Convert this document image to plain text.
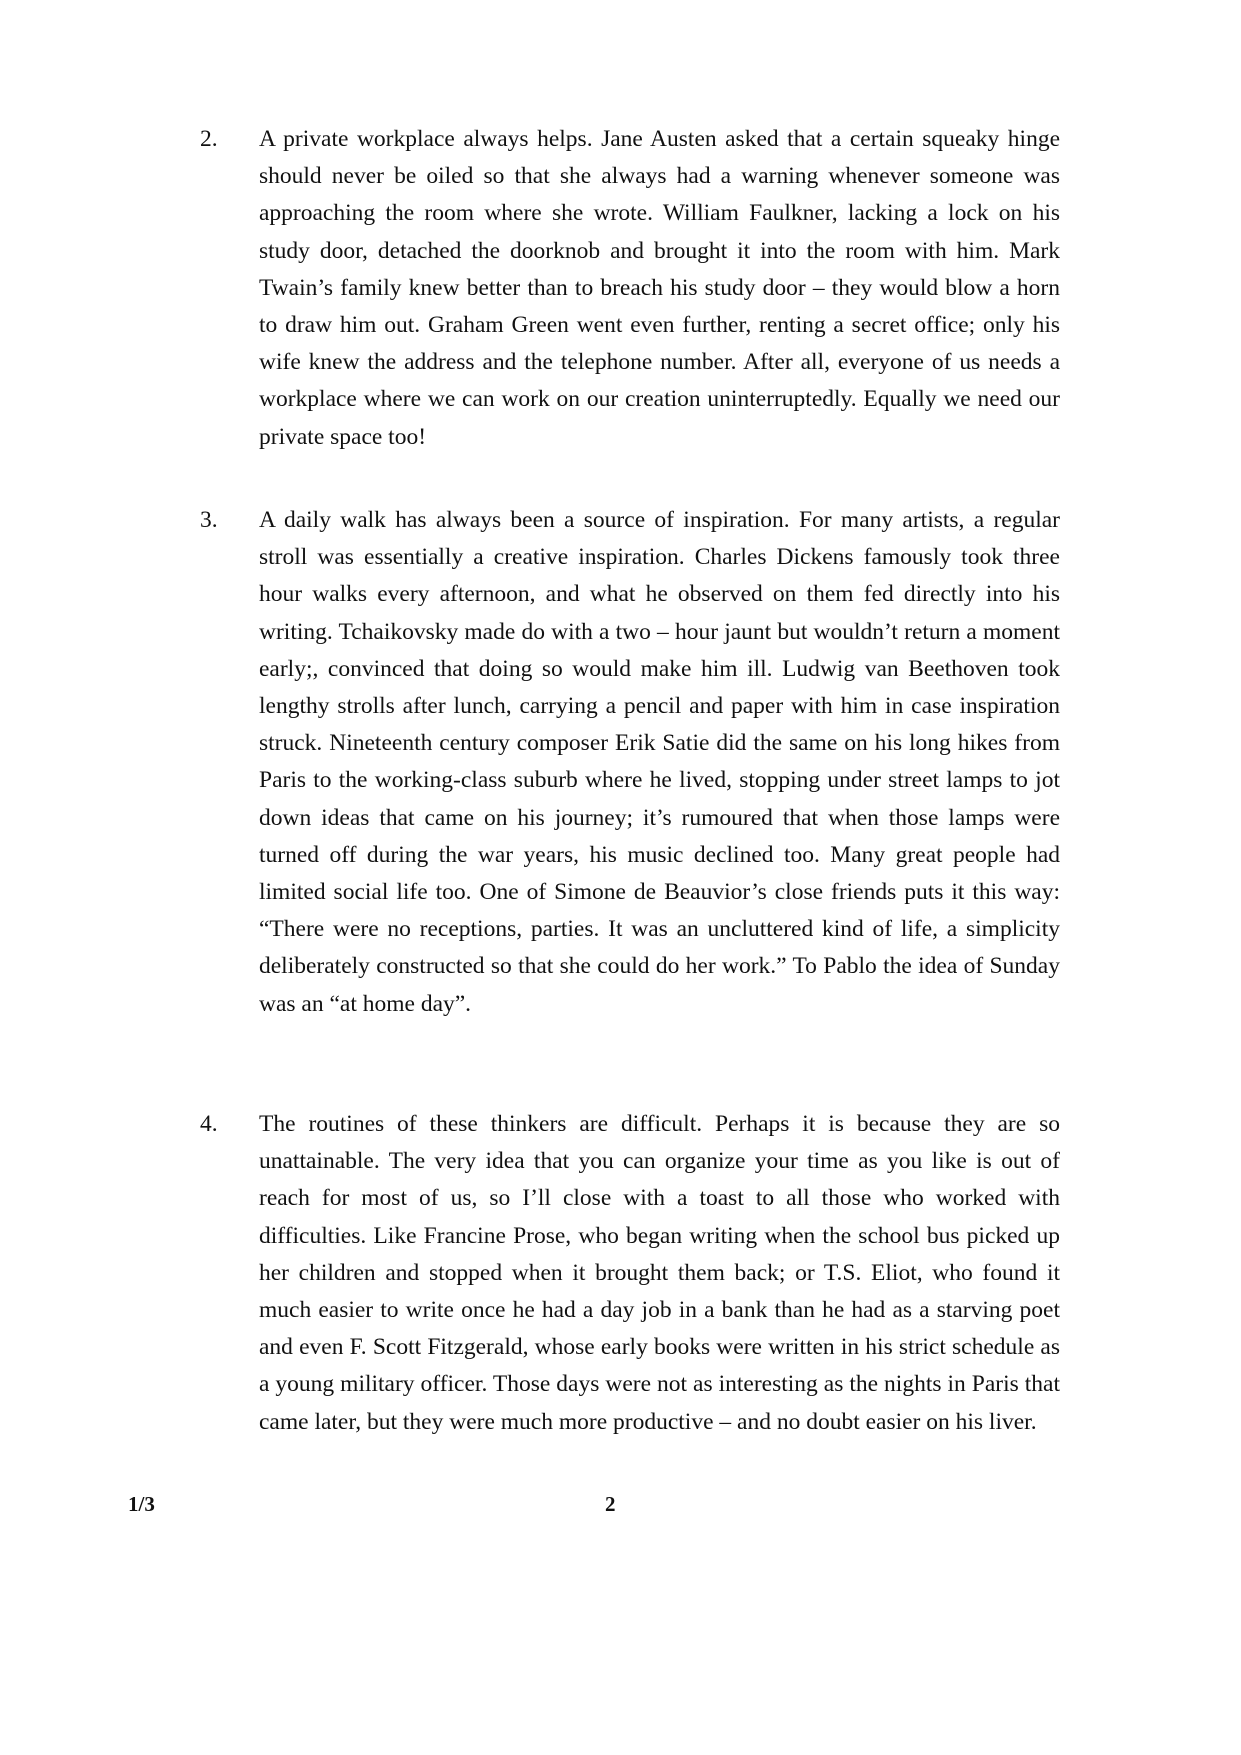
2.	A private workplace always helps. Jane Austen asked that a certain squeaky hinge should never be oiled so that she always had a warning whenever someone was approaching the room where she wrote. William Faulkner, lacking a lock on his study door, detached the doorknob and brought it into the room with him. Mark Twain’s family knew better than to breach his study door – they would blow a horn to draw him out. Graham Green went even further, renting a secret office; only his wife knew the address and the telephone number. After all, everyone of us needs a workplace where we can work on our creation uninterruptedly. Equally we need our private space too!
3.	A daily walk has always been a source of inspiration. For many artists, a regular stroll was essentially a creative inspiration. Charles Dickens famously took three hour walks every afternoon, and what he observed on them fed directly into his writing. Tchaikovsky made do with a two – hour jaunt but wouldn’t return a moment early;, convinced that doing so would make him ill. Ludwig van Beethoven took lengthy strolls after lunch, carrying a pencil and paper with him in case inspiration struck. Nineteenth century composer Erik Satie did the same on his long hikes from Paris to the working-class suburb where he lived, stopping under street lamps to jot down ideas that came on his journey; it’s rumoured that when those lamps were turned off during the war years, his music declined too. Many great people had limited social life too. One of Simone de Beauvior’s close friends puts it this way: “There were no receptions, parties. It was an uncluttered kind of life, a simplicity deliberately constructed so that she could do her work.” To Pablo the idea of Sunday was an “at home day”.
4.	The routines of these thinkers are difficult. Perhaps it is because they are so unattainable. The very idea that you can organize your time as you like is out of reach for most of us, so I’ll close with a toast to all those who worked with difficulties. Like Francine Prose, who began writing when the school bus picked up her children and stopped when it brought them back; or T.S. Eliot, who found it much easier to write once he had a day job in a bank than he had as a starving poet and even F. Scott Fitzgerald, whose early books were written in his strict schedule as a young military officer. Those days were not as interesting as the nights in Paris that came later, but they were much more productive – and no doubt easier on his liver.
1/3	2
